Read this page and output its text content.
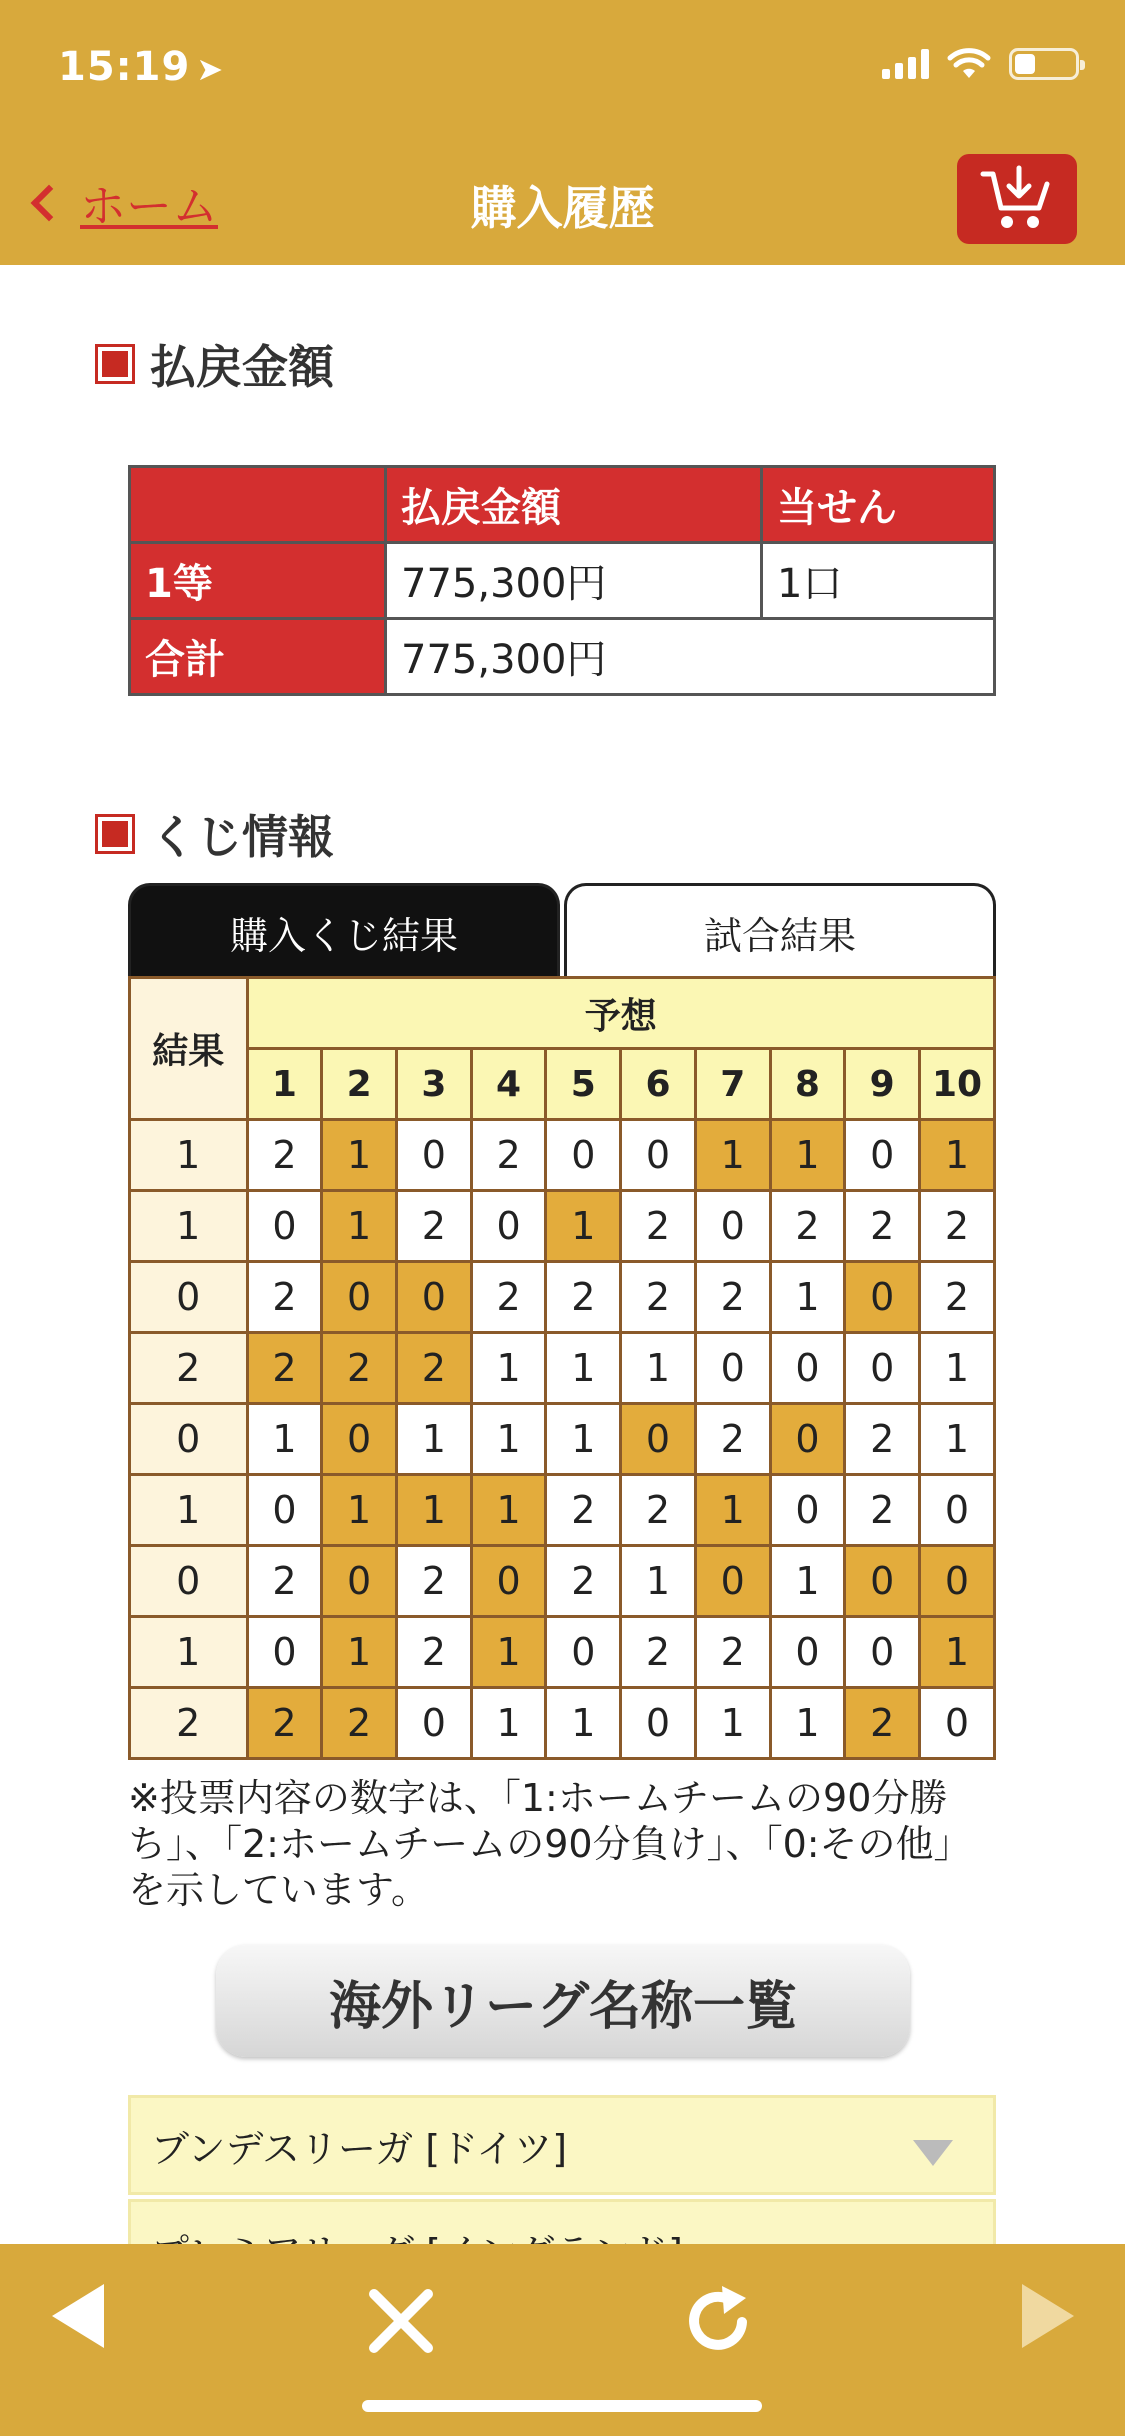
15:19 ➤
ホーム	購入履歴
払戻金額
	払戻金額	当せん
1等	775,300円	1口
合計	775,300円	
くじ情報
購入くじ結果	試合結果
結果	予想									
	1	2	3	4	5	6	7	8	9	10
1	2	1	0	2	0	0	1	1	0	1
1	0	1	2	0	1	2	0	2	2	2
0	2	0	0	2	2	2	2	1	0	2
2	2	2	2	1	1	1	0	0	0	1
0	1	0	1	1	1	0	2	0	2	1
1	0	1	1	1	2	2	1	0	2	0
0	2	0	2	0	2	1	0	1	0	0
1	0	1	2	1	0	2	2	0	0	1
2	2	2	0	1	1	0	1	1	2	0
※投票内容の数字は、「1:ホームチームの90分勝ち」、「2:ホームチームの90分負け」、「0:その他」を示しています。
海外リーグ名称一覧
ブンデスリーガ [ドイツ]
